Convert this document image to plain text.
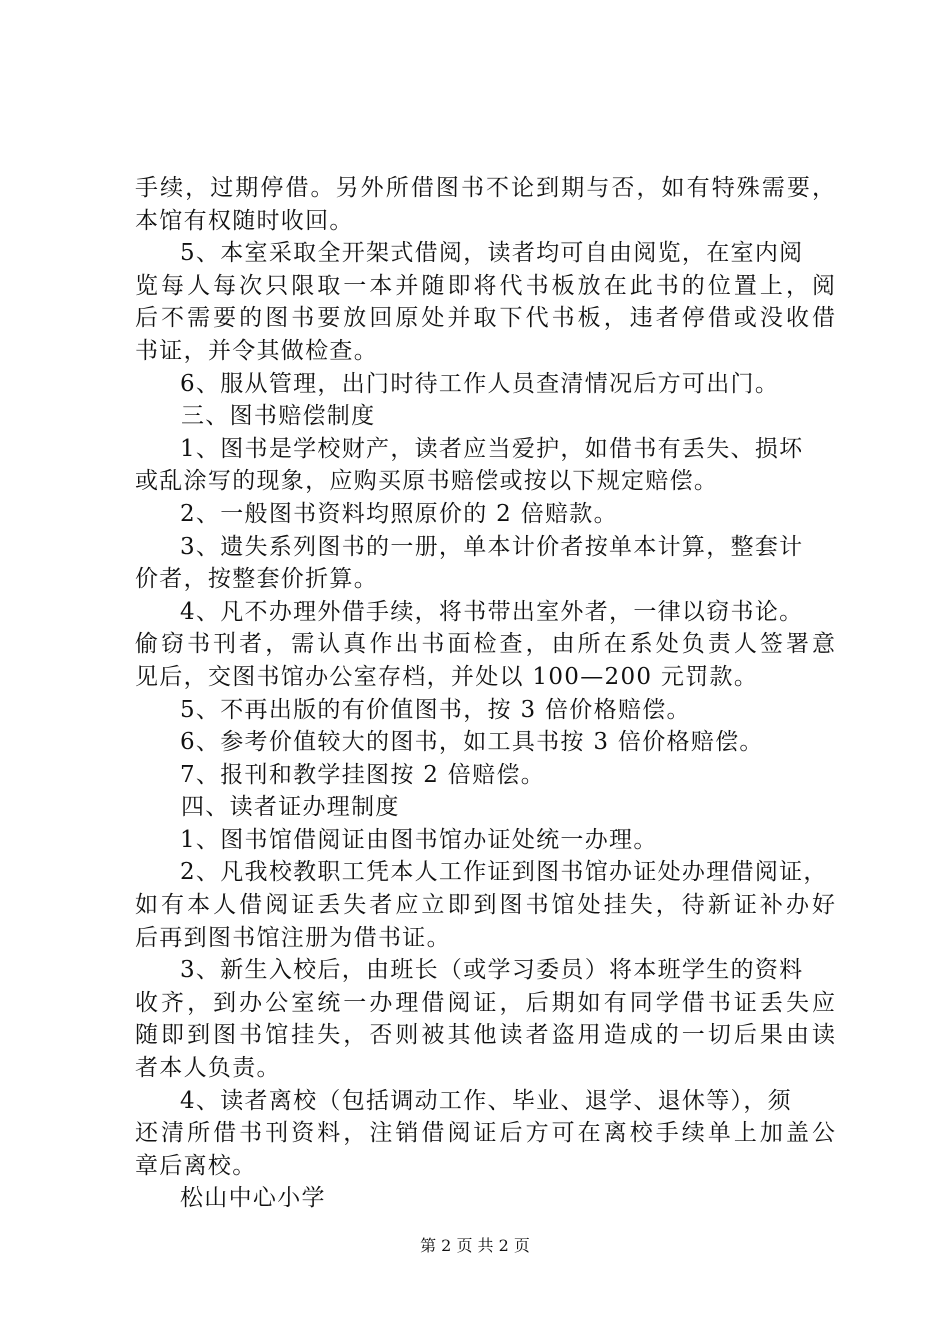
手续，过期停借。另外所借图书不论到期与否，如有特殊需要，
本馆有权随时收回。
5、本室采取全开架式借阅，读者均可自由阅览，在室内阅
览每人每次只限取一本并随即将代书板放在此书的位置上，阅
后不需要的图书要放回原处并取下代书板，违者停借或没收借
书证，并令其做检查。
6、服从管理，出门时待工作人员查清情况后方可出门。
三、图书赔偿制度
1、图书是学校财产，读者应当爱护，如借书有丢失、损坏
或乱涂写的现象，应购买原书赔偿或按以下规定赔偿。
2、一般图书资料均照原价的 2 倍赔款。
3、遗失系列图书的一册，单本计价者按单本计算，整套计
价者，按整套价折算。
4、凡不办理外借手续，将书带出室外者，一律以窃书论。
偷窃书刊者，需认真作出书面检查，由所在系处负责人签署意
见后，交图书馆办公室存档，并处以 100—200 元罚款。
5、不再出版的有价值图书，按 3 倍价格赔偿。
6、参考价值较大的图书，如工具书按 3 倍价格赔偿。
7、报刊和教学挂图按 2 倍赔偿。
四、读者证办理制度
1、图书馆借阅证由图书馆办证处统一办理。
2、凡我校教职工凭本人工作证到图书馆办证处办理借阅证，
如有本人借阅证丢失者应立即到图书馆处挂失，待新证补办好
后再到图书馆注册为借书证。
3、新生入校后，由班长（或学习委员）将本班学生的资料
收齐，到办公室统一办理借阅证，后期如有同学借书证丢失应
随即到图书馆挂失，否则被其他读者盗用造成的一切后果由读
者本人负责。
4、读者离校（包括调动工作、毕业、退学、退休等），须
还清所借书刊资料，注销借阅证后方可在离校手续单上加盖公
章后离校。
松山中心小学
第 2 页 共 2 页
